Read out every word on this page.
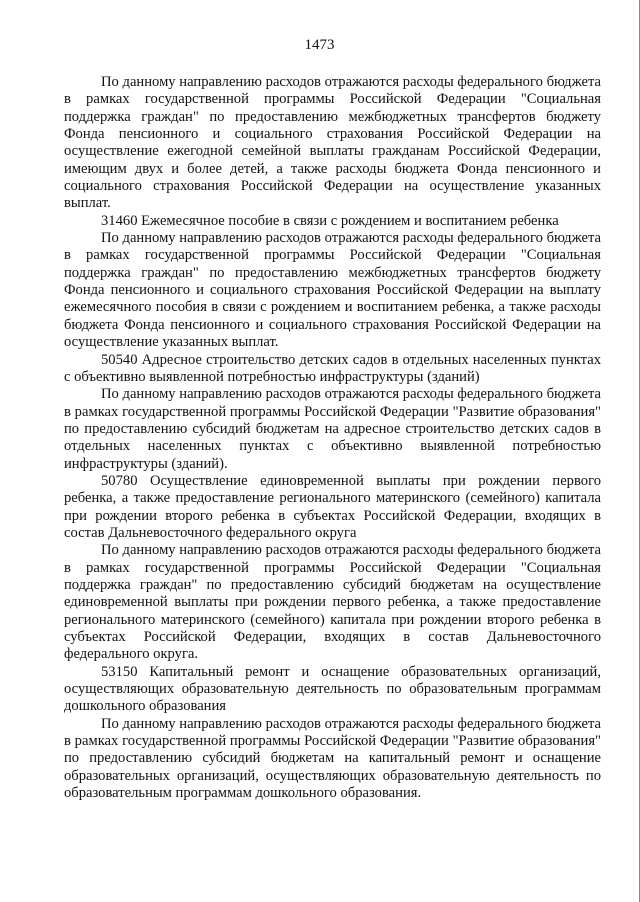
1473

По данному направлению расходов отражаются расходы федерального бюджета в рамках государственной программы Российской Федерации "Социальная поддержка граждан" по предоставлению межбюджетных трансфертов бюджету Фонда пенсионного и социального страхования Российской Федерации на осуществление ежегодной семейной выплаты гражданам Российской Федерации, имеющим двух и более детей, а также расходы бюджета Фонда пенсионного и социального страхования Российской Федерации на осуществление указанных выплат.

31460 Ежемесячное пособие в связи с рождением и воспитанием ребенка

По данному направлению расходов отражаются расходы федерального бюджета в рамках государственной программы Российской Федерации "Социальная поддержка граждан" по предоставлению межбюджетных трансфертов бюджету Фонда пенсионного и социального страхования Российской Федерации на выплату ежемесячного пособия в связи с рождением и воспитанием ребенка, а также расходы бюджета Фонда пенсионного и социального страхования Российской Федерации на осуществление указанных выплат.

50540 Адресное строительство детских садов в отдельных населенных пунктах с объективно выявленной потребностью инфраструктуры (зданий)

По данному направлению расходов отражаются расходы федерального бюджета в рамках государственной программы Российской Федерации "Развитие образования" по предоставлению субсидий бюджетам на адресное строительство детских садов в отдельных населенных пунктах с объективно выявленной потребностью инфраструктуры (зданий).

50780 Осуществление единовременной выплаты при рождении первого ребенка, а также предоставление регионального материнского (семейного) капитала при рождении второго ребенка в субъектах Российской Федерации, входящих в состав Дальневосточного федерального округа

По данному направлению расходов отражаются расходы федерального бюджета в рамках государственной программы Российской Федерации "Социальная поддержка граждан" по предоставлению субсидий бюджетам на осуществление единовременной выплаты при рождении первого ребенка, а также предоставление регионального материнского (семейного) капитала при рождении второго ребенка в субъектах Российской Федерации, входящих в состав Дальневосточного федерального округа.

53150 Капитальный ремонт и оснащение образовательных организаций, осуществляющих образовательную деятельность по образовательным программам дошкольного образования

По данному направлению расходов отражаются расходы федерального бюджета в рамках государственной программы Российской Федерации "Развитие образования" по предоставлению субсидий бюджетам на капитальный ремонт и оснащение образовательных организаций, осуществляющих образовательную деятельность по образовательным программам дошкольного образования.
